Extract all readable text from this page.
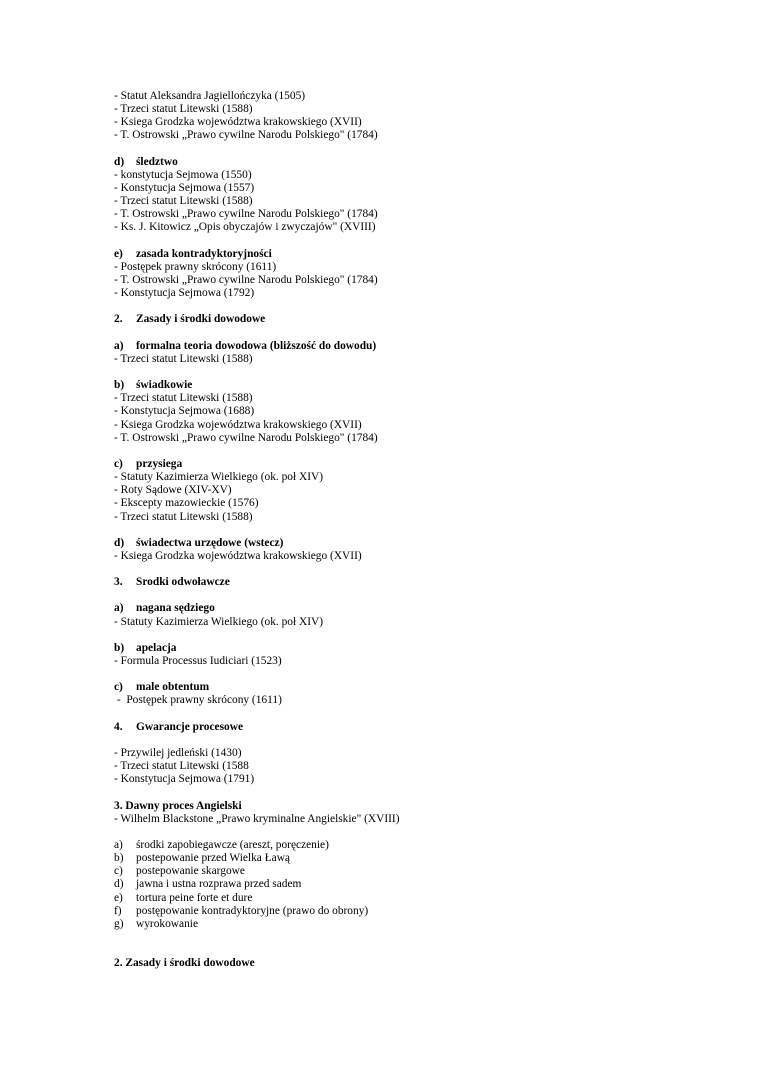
- Statut Aleksandra Jagiellończyka (1505)
- Trzeci statut Litewski (1588)
- Ksiega Grodzka województwa krakowskiego (XVII)
- T. Ostrowski „Prawo cywilne Narodu Polskiego" (1784)
d) śledztwo
- konstytucja Sejmowa (1550)
- Konstytucja Sejmowa (1557)
- Trzeci statut Litewski (1588)
- T. Ostrowski „Prawo cywilne Narodu Polskiego" (1784)
- Ks. J. Kitowicz „Opis obyczajów i zwyczajów" (XVIII)
e) zasada kontradyktoryjności
- Postępek prawny skrócony (1611)
- T. Ostrowski „Prawo cywilne Narodu Polskiego" (1784)
- Konstytucja Sejmowa (1792)
2. Zasady i środki dowodowe
a) formalna teoria dowodowa (bliższość do dowodu)
- Trzeci statut Litewski (1588)
b) świadkowie
- Trzeci statut Litewski (1588)
- Konstytucja Sejmowa (1688)
- Ksiega Grodzka województwa krakowskiego (XVII)
- T. Ostrowski „Prawo cywilne Narodu Polskiego" (1784)
c) przysiega
- Statuty Kazimierza Wielkiego (ok. poł XIV)
- Roty Sądowe (XIV-XV)
- Ekscepty mazowieckie (1576)
- Trzeci statut Litewski (1588)
d) świadectwa urzędowe (wstecz)
- Ksiega Grodzka województwa krakowskiego (XVII)
3. Srodki odwoławcze
a) nagana sędziego
- Statuty Kazimierza Wielkiego (ok. poł XIV)
b) apelacja
- Formula Processus Iudiciari (1523)
c) male obtentum
-  Postępek prawny skrócony (1611)
4. Gwarancje procesowe
- Przywilej jedleński (1430)
- Trzeci statut Litewski (1588
- Konstytucja Sejmowa (1791)
3. Dawny proces Angielski
- Wilhelm Blackstone „Prawo kryminalne Angielskie" (XVIII)
a) środki zapobiegawcze (areszt, poręczenie)
b) postepowanie przed Wielka Ławą
c) postepowanie skargowe
d) jawna i ustna rozprawa przed sadem
e) tortura peine forte et dure
f) postępowanie kontradyktoryjne (prawo do obrony)
g) wyrokowanie
2. Zasady i środki dowodowe
